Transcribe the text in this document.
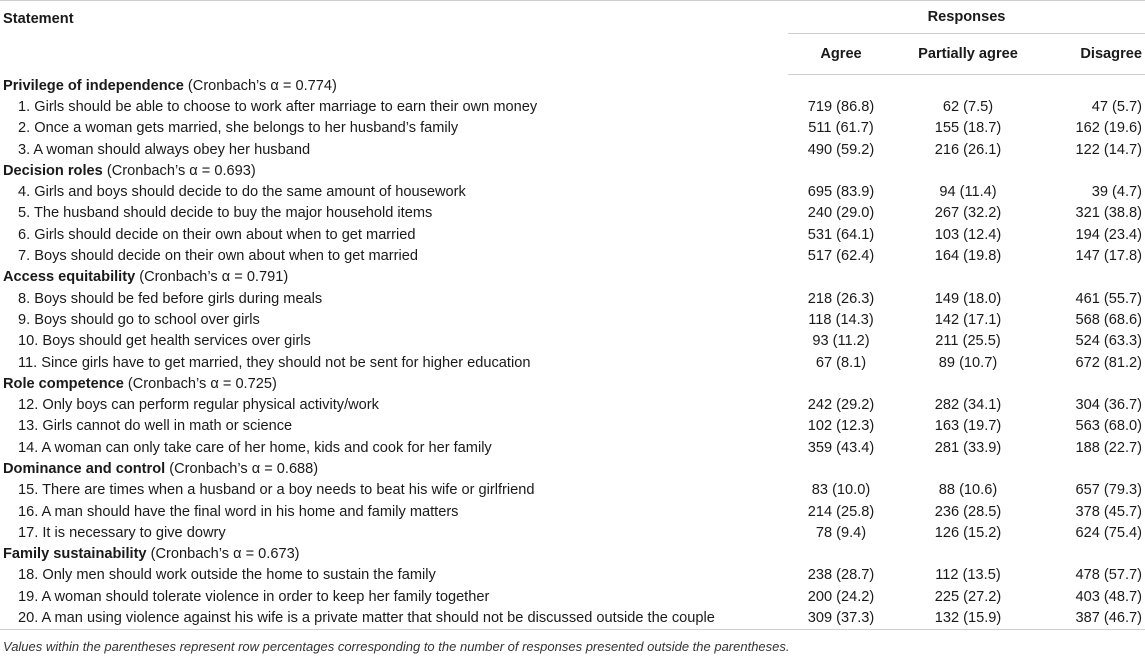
Statement	Responses		
	Agree	Partially agree	Disagree
Privilege of independence (Cronbach’s α = 0.774)			
1. Girls should be able to choose to work after marriage to earn their own money	719 (86.8)	62 (7.5)	47 (5.7)
2. Once a woman gets married, she belongs to her husband’s family	511 (61.7)	155 (18.7)	162 (19.6)
3. A woman should always obey her husband	490 (59.2)	216 (26.1)	122 (14.7)
Decision roles (Cronbach’s α = 0.693)			
4. Girls and boys should decide to do the same amount of housework	695 (83.9)	94 (11.4)	39 (4.7)
5. The husband should decide to buy the major household items	240 (29.0)	267 (32.2)	321 (38.8)
6. Girls should decide on their own about when to get married	531 (64.1)	103 (12.4)	194 (23.4)
7. Boys should decide on their own about when to get married	517 (62.4)	164 (19.8)	147 (17.8)
Access equitability (Cronbach’s α = 0.791)			
8. Boys should be fed before girls during meals	218 (26.3)	149 (18.0)	461 (55.7)
9. Boys should go to school over girls	118 (14.3)	142 (17.1)	568 (68.6)
10. Boys should get health services over girls	93 (11.2)	211 (25.5)	524 (63.3)
11. Since girls have to get married, they should not be sent for higher education	67 (8.1)	89 (10.7)	672 (81.2)
Role competence (Cronbach’s α = 0.725)			
12. Only boys can perform regular physical activity/work	242 (29.2)	282 (34.1)	304 (36.7)
13. Girls cannot do well in math or science	102 (12.3)	163 (19.7)	563 (68.0)
14. A woman can only take care of her home, kids and cook for her family	359 (43.4)	281 (33.9)	188 (22.7)
Dominance and control (Cronbach’s α = 0.688)			
15. There are times when a husband or a boy needs to beat his wife or girlfriend	83 (10.0)	88 (10.6)	657 (79.3)
16. A man should have the final word in his home and family matters	214 (25.8)	236 (28.5)	378 (45.7)
17. It is necessary to give dowry	78 (9.4)	126 (15.2)	624 (75.4)
Family sustainability (Cronbach’s α = 0.673)			
18. Only men should work outside the home to sustain the family	238 (28.7)	112 (13.5)	478 (57.7)
19. A woman should tolerate violence in order to keep her family together	200 (24.2)	225 (27.2)	403 (48.7)
20. A man using violence against his wife is a private matter that should not be discussed outside the couple	309 (37.3)	132 (15.9)	387 (46.7)
Values within the parentheses represent row percentages corresponding to the number of responses presented outside the parentheses.
